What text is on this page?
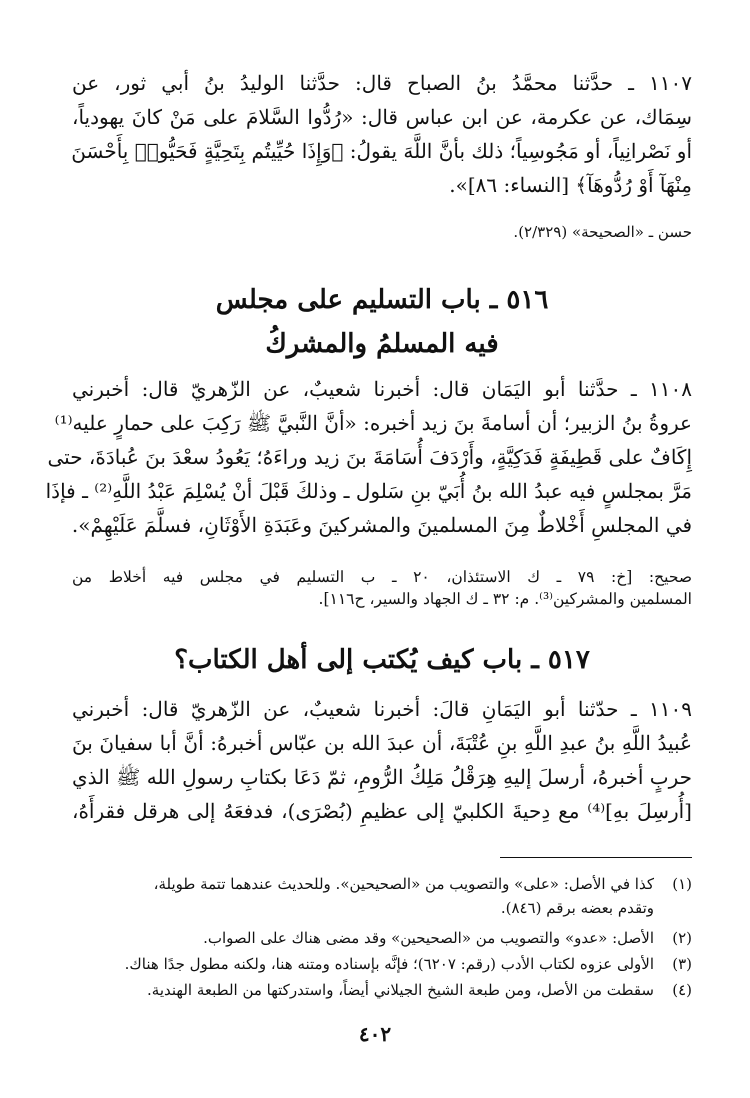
١١٠٧ ـ حدَّثنا محمَّدُ بنُ الصباح قال: حدَّثنا الوليدُ بنُ أبي ثور، عن
سِمَاك، عن عكرمة، عن ابن عباس قال: «رُدُّوا السَّلامَ على مَنْ كانَ يهودياً،
أو نَصْرانِياً، أو مَجُوسِياً؛ ذلك بأنَّ اللَّهَ يقولُ: ﴿وَإِذَا حُيِّيتُم بِتَحِيَّةٍ فَحَيُّوا۟ بِأَحْسَنَ
مِنْهَآ أَوْ رُدُّوهَآ﴾ [النساء: ٨٦]».
حسن ـ «الصحيحة» (٢/٣٢٩).
٥١٦ ـ باب التسليم على مجلس
فيه المسلمُ والمشركُ
١١٠٨ ـ حدَّثنا أبو اليَمَان قال: أخبرنا شعيبٌ، عن الزّهريّ قال: أخبرني
عروةُ بنُ الزبير؛ أن أسامةَ بنَ زيد أخبره: «أنَّ النَّبيَّ ﷺ رَكِبَ على حمارٍ عليه⁽¹⁾
إِكَافٌ على قَطِيفَةٍ فَدَكِيَّةٍ، وأَرْدَفَ أُسَامَةَ بنَ زيد وراءَهُ؛ يَعُودُ سعْدَ بنَ عُبادَةَ، حتى
مَرَّ بمجلسٍ فيه عبدُ الله بنُ أُبَيّ بنِ سَلول ـ وذلكَ قَبْلَ أنْ يُسْلِمَ عَبْدُ اللَّهِ⁽²⁾ ـ فإذَا
في المجلسِ أَخْلاطٌ مِنَ المسلمينَ والمشركينَ وعَبَدَةِ الأَوْثَانِ، فسلَّمَ عَلَيْهِمْ».
صحيح: [خ: ٧٩ ـ ك الاستئذان، ٢٠ ـ ب التسليم في مجلس فيه أخلاط من
المسلمين والمشركين⁽³⁾. م: ٣٢ ـ ك الجهاد والسير، ح١١٦].
٥١٧ ـ باب كيف يُكتب إلى أهل الكتاب؟
١١٠٩ ـ حدّثنا أبو اليَمَانِ قالَ: أخبرنا شعيبٌ، عن الزّهريّ قال: أخبرني
عُبيدُ اللَّهِ بنُ عبدِ اللَّهِ بنِ عُتْبَةَ، أن عبدَ الله بن عبّاس أخبرهُ: أنَّ أبا سفيانَ بنَ
حربٍ أخبرهُ، أرسلَ إليهِ هِرَقْلُ مَلِكُ الرُّومِ، ثمّ دَعَا بكتابِ رسولِ الله ﷺ الذي
[أُرسِلَ بهِ]⁽⁴⁾ مع دِحيةَ الكلبيّ إلى عظيمِ (بُصْرَى)، فدفعَهُ إلى هرقل فقرأَهُ،
(١)
كذا في الأصل: «على» والتصويب من «الصحيحين». وللحديث عندهما تتمة طويلة،
وتقدم بعضه برقم (٨٤٦).
(٢)
الأصل: «عدو» والتصويب من «الصحيحين» وقد مضى هناك على الصواب.
(٣)
الأولى عزوه لكتاب الأدب (رقم: ٦٢٠٧)؛ فإنَّه بإسناده ومتنه هنا، ولكنه مطول جدًا هناك.
(٤)
سقطت من الأصل، ومن طبعة الشيخ الجيلاني أيضاً، واستدركتها من الطبعة الهندية.
٤٠٢
